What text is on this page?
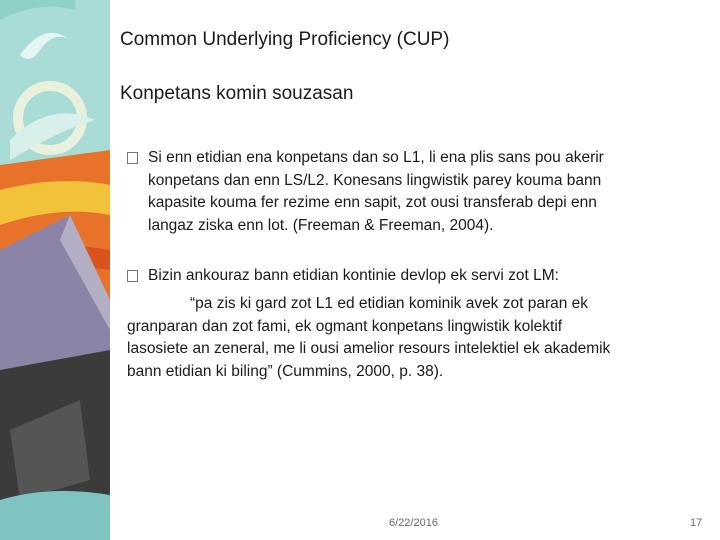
Common Underlying Proficiency (CUP)
Konpetans komin souzasan
Si enn etidian ena konpetans dan so L1, li ena plis sans pou akerir
konpetans dan enn LS/L2. Konesans lingwistik parey kouma bann
kapasite kouma fer rezime enn sapit, zot ousi transferab depi enn
langaz ziska enn lot. (Freeman & Freeman, 2004).
Bizin ankouraz bann etidian kontinie devlop ek servi zot LM:
“pa zis ki gard zot L1 ed etidian kominik avek zot paran ek
granparan dan zot fami, ek ogmant konpetans lingwistik kolektif
lasosiete an zeneral, me li ousi amelior resours intelektiel ek akademik
bann etidian ki biling” (Cummins, 2000, p. 38).
6/22/2016	17
